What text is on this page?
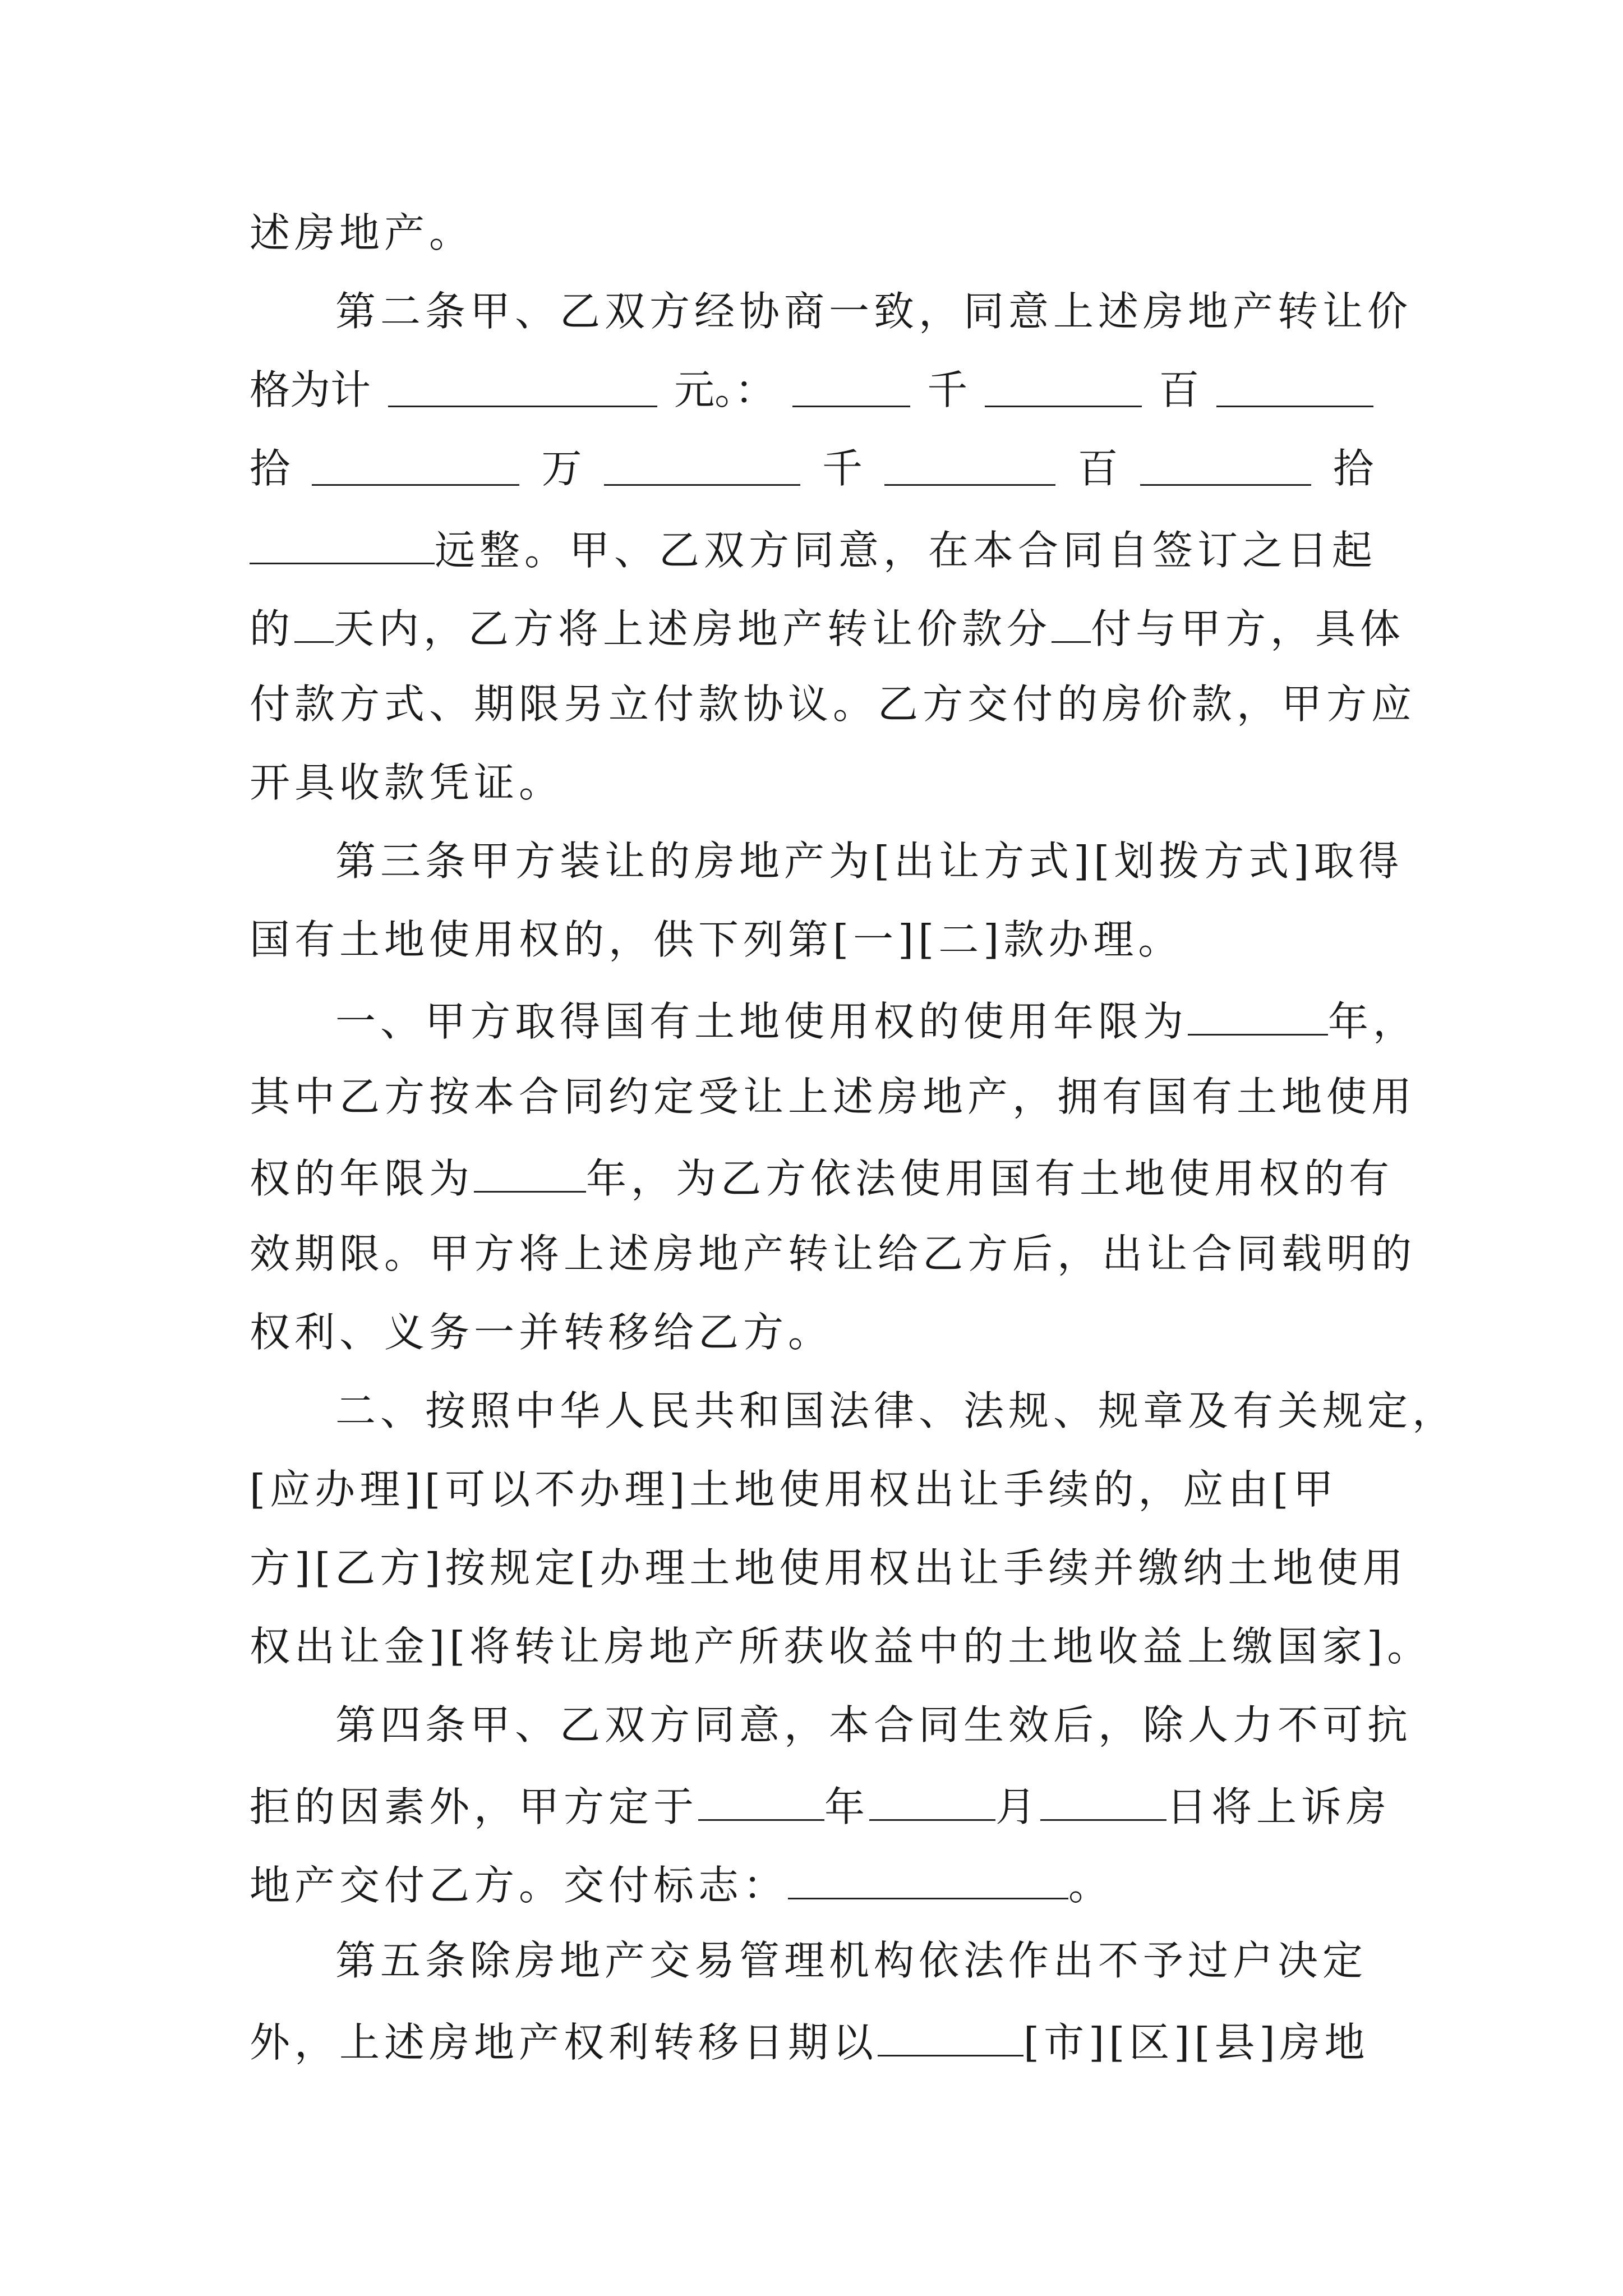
述房地产。
第二条甲、乙双方经协商一致，同意上述房地产转让价
格为计	元。：	千	百
拾	万	千	百	拾
远整。甲、乙双方同意，在本合同自签订之日起
的 天内，乙方将上述房地产转让价款分 付与甲方，具体
付款方式、期限另立付款协议。乙方交付的房价款，甲方应
开具收款凭证。
第三条甲方装让的房地产为[出让方式][划拨方式]取得
国有土地使用权的，供下列第[一][二]款办理。
一、甲方取得国有土地使用权的使用年限为	年，
其中乙方按本合同约定受让上述房地产，拥有国有土地使用
权的年限为	年，为乙方依法使用国有土地使用权的有
效期限。甲方将上述房地产转让给乙方后，出让合同载明的
权利、义务一并转移给乙方。
二、按照中华人民共和国法律、法规、规章及有关规定，
[应办理][可以不办理]土地使用权出让手续的，应由[甲
方][乙方]按规定[办理土地使用权出让手续并缴纳土地使用
权出让金][将转让房地产所获收益中的土地收益上缴国家]。
第四条甲、乙双方同意，本合同生效后，除人力不可抗
拒的因素外，甲方定于	年	月	日将上诉房
地产交付乙方。交付标志：	。
第五条除房地产交易管理机构依法作出不予过户决定
外，上述房地产权利转移日期以	[市][区][县]房地
